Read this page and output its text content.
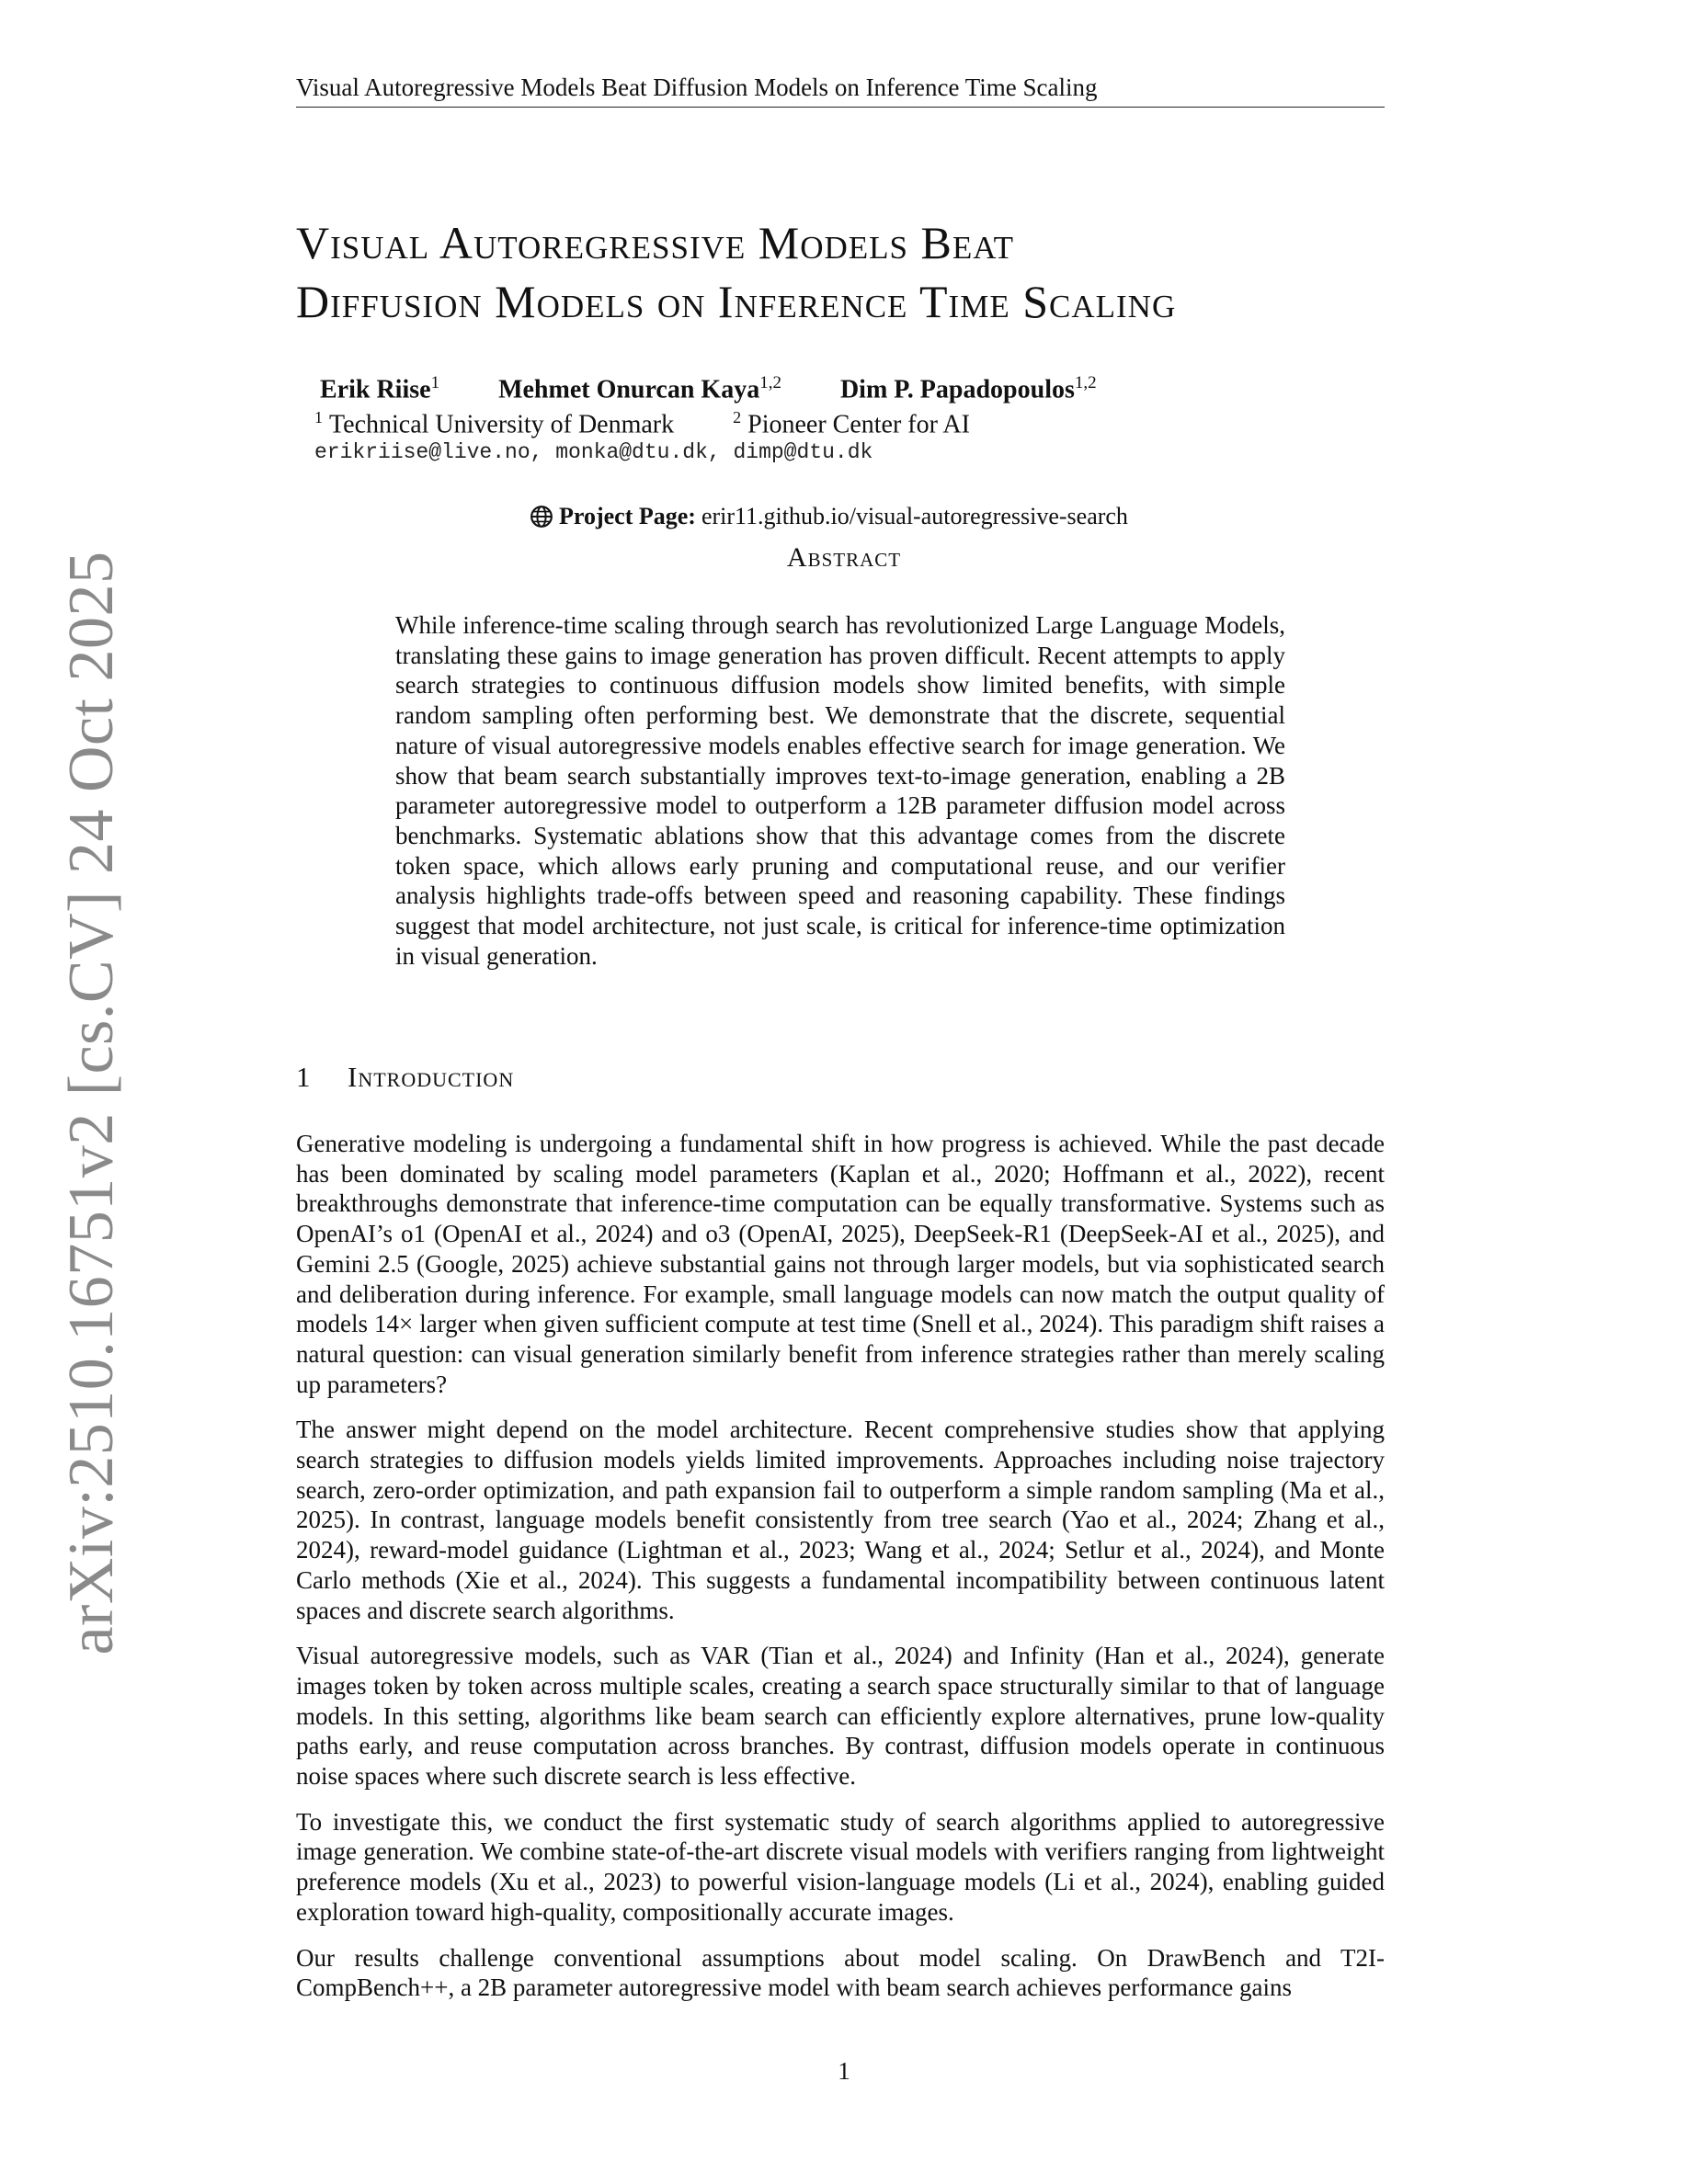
Visual Autoregressive Models Beat Diffusion Models on Inference Time Scaling
arXiv:2510.16751v2 [cs.CV] 24 Oct 2025
Visual Autoregressive Models Beat
Diffusion Models on Inference Time Scaling
Erik Riise$^1$ Mehmet Onurcan Kaya$^{1,2}$ Dim P. Papadopoulos$^{1,2}$
$^1$ Technical University of Denmark	$^2$ Pioneer Center for AI
erikriise@live.no, monka@dtu.dk, dimp@dtu.dk
Project Page: erir11.github.io/visual-autoregressive-search
Abstract
While inference-time scaling through search has revolutionized Large Language Models, translating these gains to image generation has proven difficult. Recent attempts to apply search strategies to continuous diffusion models show limited benefits, with simple random sampling often performing best. We demonstrate that the discrete, sequential nature of visual autoregressive models enables effective search for image generation. We show that beam search substantially improves text-to-image generation, enabling a 2B parameter autoregressive model to outperform a 12B parameter diffusion model across benchmarks. Systematic ablations show that this advantage comes from the discrete token space, which allows early pruning and computational reuse, and our verifier analysis highlights trade-offs between speed and reasoning capability. These findings suggest that model architecture, not just scale, is critical for inference-time optimization in visual generation.
1 Introduction

Generative modeling is undergoing a fundamental shift in how progress is achieved. While the past decade has been dominated by scaling model parameters (Kaplan et al., 2020; Hoffmann et al., 2022), recent breakthroughs demonstrate that inference-time computation can be equally transformative. Systems such as OpenAI’s o1 (OpenAI et al., 2024) and o3 (OpenAI, 2025), DeepSeek-R1 (DeepSeek-AI et al., 2025), and Gemini 2.5 (Google, 2025) achieve substantial gains not through larger models, but via sophisticated search and deliberation during inference. For example, small language models can now match the output quality of models 14× larger when given sufficient compute at test time (Snell et al., 2024). This paradigm shift raises a natural question: can visual generation similarly benefit from inference strategies rather than merely scaling up parameters?

The answer might depend on the model architecture. Recent comprehensive studies show that applying search strategies to diffusion models yields limited improvements. Approaches including noise trajectory search, zero-order optimization, and path expansion fail to outperform a simple random sampling (Ma et al., 2025). In contrast, language models benefit consistently from tree search (Yao et al., 2024; Zhang et al., 2024), reward-model guidance (Lightman et al., 2023; Wang et al., 2024; Setlur et al., 2024), and Monte Carlo methods (Xie et al., 2024). This suggests a fundamental incompatibility between continuous latent spaces and discrete search algorithms.

Visual autoregressive models, such as VAR (Tian et al., 2024) and Infinity (Han et al., 2024), generate images token by token across multiple scales, creating a search space structurally similar to that of language models. In this setting, algorithms like beam search can efficiently explore alternatives, prune low-quality paths early, and reuse computation across branches. By contrast, diffusion models operate in continuous noise spaces where such discrete search is less effective.

To investigate this, we conduct the first systematic study of search algorithms applied to autoregressive image generation. We combine state-of-the-art discrete visual models with verifiers ranging from lightweight preference models (Xu et al., 2023) to powerful vision-language models (Li et al., 2024), enabling guided exploration toward high-quality, compositionally accurate images.

Our results challenge conventional assumptions about model scaling. On DrawBench and T2I-CompBench++, a 2B parameter autoregressive model with beam search achieves performance gains

1
